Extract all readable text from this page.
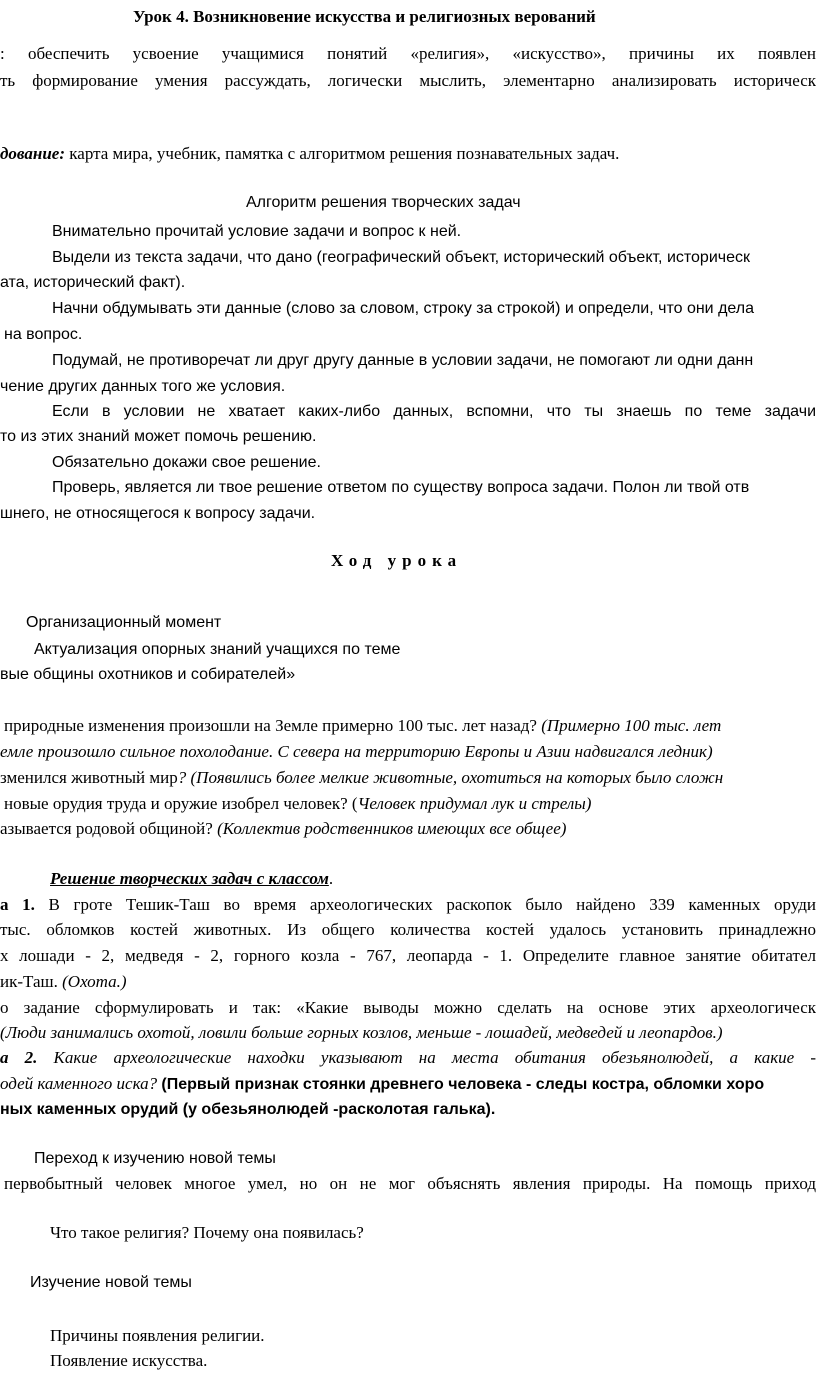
Урок 4. Возникновение искусства и религиозных верований
: обеспечить усвоение учащимися понятий «религия», «искусство», причины их появлен
ть формирование умения рассуждать, логически мыслить, элементарно анализировать историческ
дование: карта мира, учебник, памятка с алгоритмом решения познавательных задач.
Алгоритм решения творческих задач
Внимательно прочитай условие задачи и вопрос к ней.
Выдели из текста задачи, что дано (географический объект, исторический объект, историческ
ата, исторический факт).
Начни обдумывать эти данные (слово за словом, строку за строкой) и определи, что они дела
на вопрос.
Подумай, не противоречат ли друг другу данные в условии задачи, не помогают ли одни данн
чение других данных того же условия.
Если в условии не хватает каких-либо данных, вспомни, что ты знаешь по теме задачи
то из этих знаний может помочь решению.
Обязательно докажи свое решение.
Проверь, является ли твое решение ответом по существу вопроса задачи. Полон ли твой отв
шнего, не относящегося к вопросу задачи.
Ход урока
Организационный момент
Актуализация опорных знаний учащихся по теме
вые общины охотников и собирателей»
природные изменения произошли на Земле примерно 100 тыс. лет назад? (Примерно 100 тыс. лет
емле произошло сильное похолодание. С севера на территорию Европы и Азии надвигался ледник)
зменился животный мир? (Появились более мелкие животные, охотиться на которых было сложн
новые орудия труда и оружие изобрел человек? (Человек придумал лук и стрелы)
азывается родовой общиной? (Коллектив родственников имеющих все общее)
Решение творческих задач с классом.
а 1. В гроте Тешик-Таш во время археологических раскопок было найдено 339 каменных оруди
тыс. обломков костей животных. Из общего количества костей удалось установить принадлежно
х лошади - 2, медведя - 2, горного козла - 767, леопарда - 1. Определите главное занятие обитател
ик-Таш. (Охота.)
о задание сформулировать и так: «Какие выводы можно сделать на основе этих археологическ
(Люди занимались охотой, ловили больше горных козлов, меньше - лошадей, медведей и леопардов.)
а 2. Какие археологические находки указывают на места обитания обезьянолюдей, а какие -
одей каменного иска? (Первый признак стоянки древнего человека - следы костра, обломки хоро
ных каменных орудий (у обезьянолюдей -расколотая галька).
Переход к изучению новой темы
первобытный человек многое умел, но он не мог объяснять явления природы. На помощь приход
Что такое религия? Почему она появилась?
Изучение новой темы
Причины появления религии.
Появление искусства.
